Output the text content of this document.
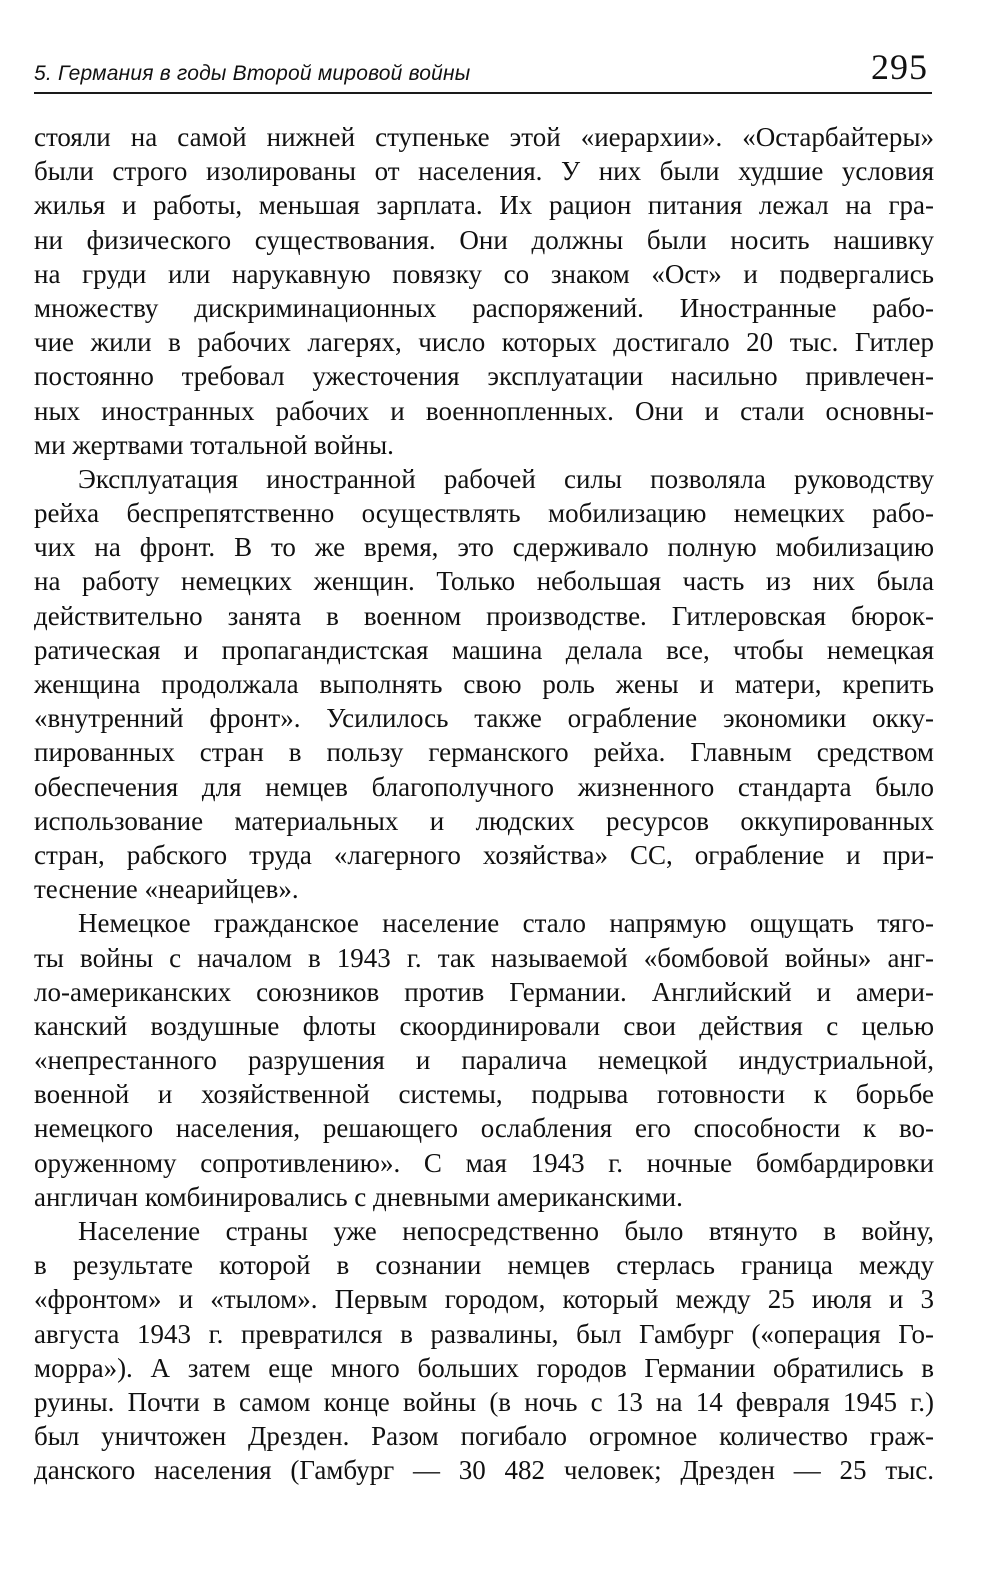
5. Германия в годы Второй мировой войны	295
стояли на самой нижней ступеньке этой «иерархии». «Остарбайтеры»
были строго изолированы от населения. У них были худшие условия
жилья и работы, меньшая зарплата. Их рацион питания лежал на гра-
ни физического существования. Они должны были носить нашивку
на груди или нарукавную повязку со знаком «Ост» и подвергались
множеству дискриминационных распоряжений. Иностранные рабо-
чие жили в рабочих лагерях, число которых достигало 20 тыс. Гитлер
постоянно требовал ужесточения эксплуатации насильно привлечен-
ных иностранных рабочих и военнопленных. Они и стали основны-
ми жертвами тотальной войны.
Эксплуатация иностранной рабочей силы позволяла руководству
рейха беспрепятственно осуществлять мобилизацию немецких рабо-
чих на фронт. В то же время, это сдерживало полную мобилизацию
на работу немецких женщин. Только небольшая часть из них была
действительно занята в военном производстве. Гитлеровская бюрок-
ратическая и пропагандистская машина делала все, чтобы немецкая
женщина продолжала выполнять свою роль жены и матери, крепить
«внутренний фронт». Усилилось также ограбление экономики окку-
пированных стран в пользу германского рейха. Главным средством
обеспечения для немцев благополучного жизненного стандарта было
использование материальных и людских ресурсов оккупированных
стран, рабского труда «лагерного хозяйства» СС, ограбление и при-
теснение «неарийцев».
Немецкое гражданское население стало напрямую ощущать тяго-
ты войны с началом в 1943 г. так называемой «бомбовой войны» анг-
ло-американских союзников против Германии. Английский и амери-
канский воздушные флоты скоординировали свои действия с целью
«непрестанного разрушения и паралича немецкой индустриальной,
военной и хозяйственной системы, подрыва готовности к борьбе
немецкого населения, решающего ослабления его способности к во-
оруженному сопротивлению». С мая 1943 г. ночные бомбардировки
англичан комбинировались с дневными американскими.
Население страны уже непосредственно было втянуто в войну,
в результате которой в сознании немцев стерлась граница между
«фронтом» и «тылом». Первым городом, который между 25 июля и 3
августа 1943 г. превратился в развалины, был Гамбург («операция Го-
морра»). А затем еще много больших городов Германии обратились в
руины. Почти в самом конце войны (в ночь с 13 на 14 февраля 1945 г.)
был уничтожен Дрезден. Разом погибало огромное количество граж-
данского населения (Гамбург — 30 482 человек; Дрезден — 25 тыс.
